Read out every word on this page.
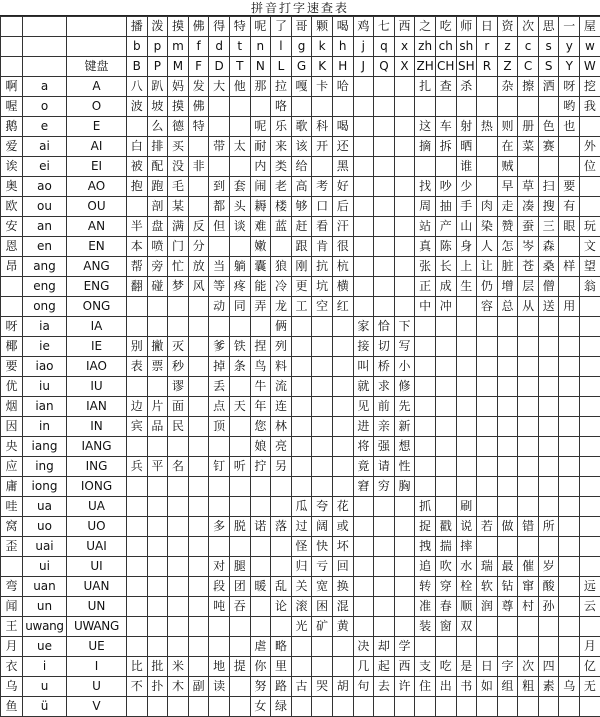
拼音打字速查表
			播	泼	摸	佛	得	特	呢	了	哥	颗	喝	鸡	七	西	之	吃	师	日	资	次	思	一	屋
			b	p	m	f	d	t	n	l	g	k	h	j	q	x	zh	ch	sh	r	z	c	s	y	w
		键盘	B	P	M	F	D	T	N	L	G	K	H	J	Q	X	ZH	CH	SH	R	Z	C	S	Y	W
啊	a	A	八	趴	妈	发	大	他	那	拉	嘎	卡	哈				扎	查	杀		杂	擦	洒	呀	挖
喔	o	O	波	坡	摸	佛				咯														哟	我
鹅	e	E		么	德	特			呢	乐	歌	科	喝				这	车	射	热	则	册	色	也	
爱	ai	AI	白	排	买		带	太	耐	来	该	开	还				摘	拆	晒		在	菜	赛		外
诶	ei	EI	被	配	没	非			内	类	给		黑						谁		贼				位
奥	ao	AO	抱	跑	毛		到	套	闹	老	高	考	好				找	吵	少		早	草	扫	要	
欧	ou	OU		剖	某		都	头	耨	楼	够	口	后				周	抽	手	肉	走	凑	搜	有	
安	an	AN	半	盘	满	反	但	谈	难	蓝	赶	看	汗				站	产	山	染	赞	蚕	三	眼	玩
恩	en	EN	本	喷	门	分			嫩		跟	肯	很				真	陈	身	人	怎	岑	森		文
昂	ang	ANG	帮	旁	忙	放	当	躺	囊	狼	刚	抗	杭				张	长	上	让	脏	苍	桑	样	望
	eng	ENG	翻	碰	梦	风	等	疼	能	冷	更	坑	横				正	成	生	仍	增	层	僧		翁
	ong	ONG					动	同	弄	龙	工	空	红				中	冲		容	总	从	送	用	
呀	ia	IA								俩				家	恰	下									
椰	ie	IE	别	撇	灭		爹	铁	捏	列				接	切	写									
要	iao	IAO	表	票	秒		掉	条	鸟	料				叫	桥	小									
优	iu	IU			谬		丢		牛	流				就	求	修									
烟	ian	IAN	边	片	面		点	天	年	连				见	前	先									
因	in	IN	宾	品	民		顶		您	林				进	亲	新									
央	iang	IANG							娘	亮				将	强	想									
应	ing	ING	兵	平	名		钉	听	拧	另				竟	请	性									
庸	iong	IONG												窘	穷	胸									
哇	ua	UA									瓜	夸	花				抓		刷						
窝	uo	UO					多	脱	诺	落	过	阔	或				捉	戳	说	若	做	错	所		
歪	uai	UAI									怪	快	坏				拽	揣	摔						
	ui	UI					对	腿			归	亏	回				追	吹	水	瑞	最	催	岁		
弯	uan	UAN					段	团	暖	乱	关	宽	换				转	穿	栓	软	钻	窜	酸		远
闻	un	UN					吨	吞		论	滚	困	混				准	春	顺	润	尊	村	孙		云
王	uwang	UWANG									光	矿	黄				装	窗	双						
月	ue	UE							虐	略				决	却	学									月
衣	i	I	比	批	米		地	提	你	里				几	起	西	支	吃	是	日	字	次	四		亿
乌	u	U	不	扑	木	副	读		努	路	古	哭	胡	句	去	许	住	出	书	如	组	粗	素	乌	无
鱼	ü	V							女	绿															
